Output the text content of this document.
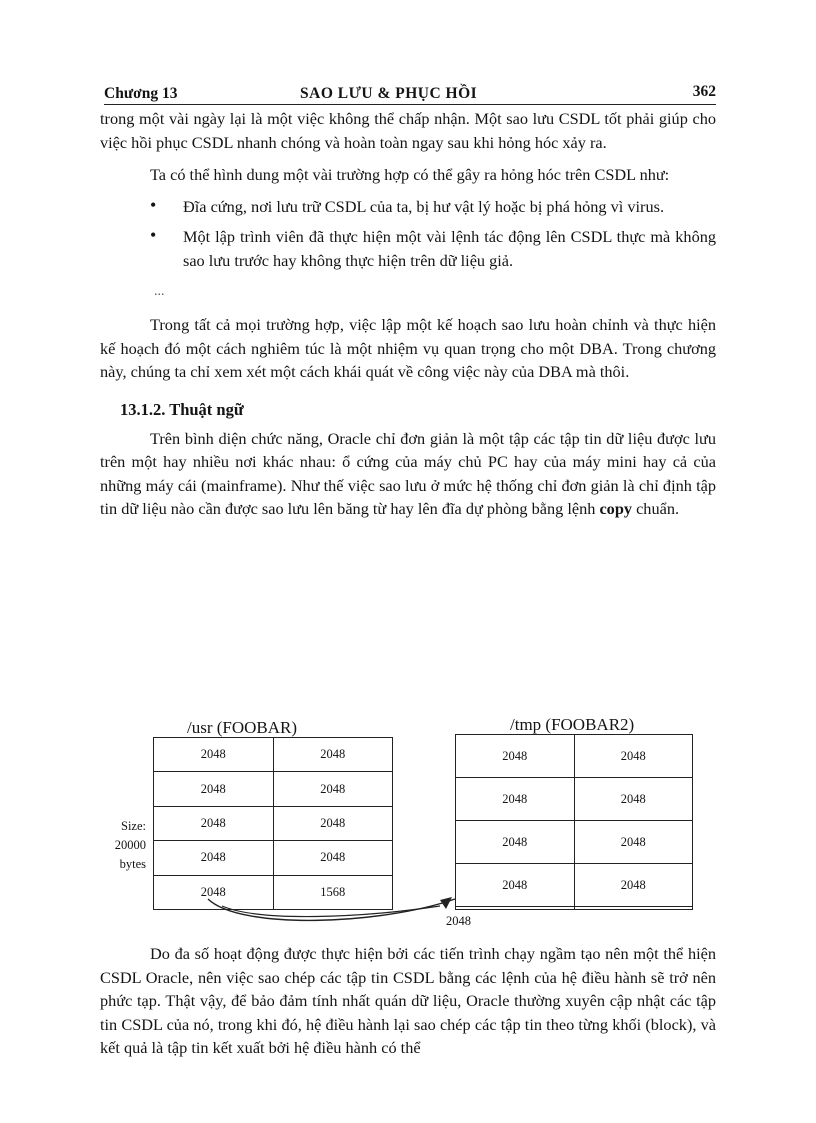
Chương 13	SAO LƯU & PHỤC HỒI	362

trong một vài ngày lại là một việc không thể chấp nhận. Một sao lưu CSDL tốt phải giúp cho việc hồi phục CSDL nhanh chóng và hoàn toàn ngay sau khi hỏng hóc xảy ra.

Ta có thể hình dung một vài trường hợp có thể gây ra hỏng hóc trên CSDL như:

• Đĩa cứng, nơi lưu trữ CSDL của ta, bị hư vật lý hoặc bị phá hỏng vì virus.
• Một lập trình viên đã thực hiện một vài lệnh tác động lên CSDL thực mà không sao lưu trước hay không thực hiện trên dữ liệu giả.

...

Trong tất cả mọi trường hợp, việc lập một kế hoạch sao lưu hoàn chỉnh và thực hiện kế hoạch đó một cách nghiêm túc là một nhiệm vụ quan trọng cho một DBA. Trong chương này, chúng ta chỉ xem xét một cách khái quát về công việc này của DBA mà thôi.

13.1.2. Thuật ngữ

Trên bình diện chức năng, Oracle chỉ đơn giản là một tập các tập tin dữ liệu được lưu trên một hay nhiều nơi khác nhau: ổ cứng của máy chủ PC hay của máy mini hay cả của những máy cái (mainframe). Như thế việc sao lưu ở mức hệ thống chỉ đơn giản là chỉ định tập tin dữ liệu nào cần được sao lưu lên băng từ hay lên đĩa dự phòng bằng lệnh copy chuẩn.

/usr (FOOBAR)	/tmp (FOOBAR2)
2048	2048
2048	2048
2048	2048
2048	2048
2048	1568
2048	2048
2048	2048
2048	2048
2048	2048

Size:
20000
bytes
2048

Do đa số hoạt động được thực hiện bởi các tiến trình chạy ngầm tạo nên một thể hiện CSDL Oracle, nên việc sao chép các tập tin CSDL bằng các lệnh của hệ điều hành sẽ trở nên phức tạp. Thật vậy, để bảo đảm tính nhất quán dữ liệu, Oracle thường xuyên cập nhật các tập tin CSDL của nó, trong khi đó, hệ điều hành lại sao chép các tập tin theo từng khối (block), và kết quả là tập tin kết xuất bởi hệ điều hành có thể
